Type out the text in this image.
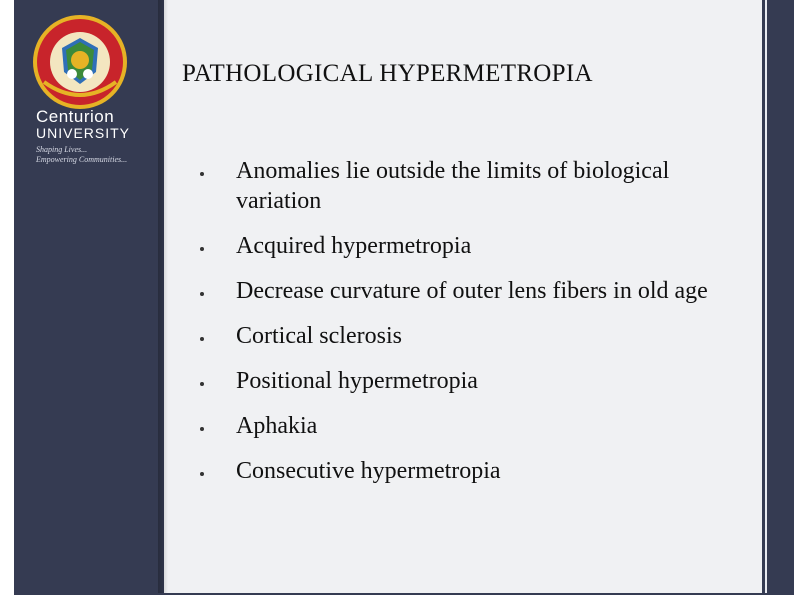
Centurion
UNIVERSITY
Shaping Lives...
Empowering Communities...
PATHOLOGICAL HYPERMETROPIA
Anomalies lie outside the limits of biological variation
Acquired hypermetropia
Decrease curvature of outer lens fibers in old age
Cortical sclerosis
Positional hypermetropia
Aphakia
Consecutive hypermetropia
